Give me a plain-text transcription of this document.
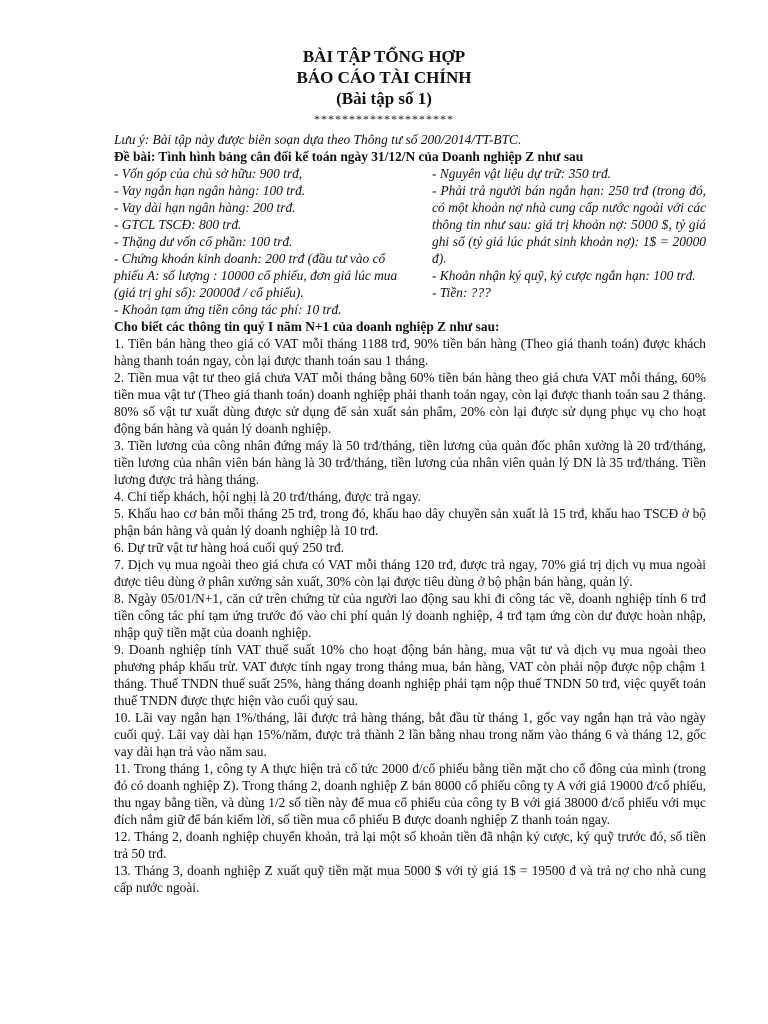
BÀI TẬP TỔNG HỢP
BÁO CÁO TÀI CHÍNH
(Bài tập số 1)
********************
Lưu ý: Bài tập này được biên soạn dựa theo Thông tư số 200/2014/TT-BTC.
Đề bài: Tình hình bảng cân đối kế toán ngày 31/12/N của Doanh nghiệp Z như sau

- Vốn góp của chủ sở hữu: 900 trđ,

- Vay ngắn hạn ngân hàng: 100 trđ.

- Vay dài hạn ngân hàng: 200 trđ.

- GTCL TSCĐ: 800 trđ.

- Thặng dư vốn cổ phần: 100 trđ.

- Chứng khoán kinh doanh: 200 trđ (đầu tư vào cổ phiếu A: số lượng : 10000 cổ phiếu, đơn giá lúc mua (giá trị ghi sổ): 20000đ / cổ phiếu).

- Nguyên vật liệu dự trữ: 350 trđ.

- Phải trả người bán ngắn hạn: 250 trđ (trong đó, có một khoản nợ nhà cung cấp nước ngoài với các thông tin như sau: giá trị khoản nợ: 5000 $, tỷ giá ghi sổ (tỷ giá lúc phát sinh khoản nợ): 1$ = 20000 đ).

- Khoản nhận ký quỹ, ký cược ngắn hạn: 100 trđ.

- Tiền: ???

- Khoản tạm ứng tiền công tác phí: 10 trđ.
Cho biết các thông tin quý I năm N+1 của doanh nghiệp Z như sau:

1. Tiền bán hàng theo giá có VAT mỗi tháng 1188 trđ, 90% tiền bán hàng (Theo giá thanh toán) được khách hàng thanh toán ngay, còn lại được thanh toán sau 1 tháng.

2. Tiền mua vật tư theo giá chưa VAT mỗi tháng bằng 60% tiền bán hàng theo giá chưa VAT mỗi tháng, 60% tiền mua vật tư (Theo giá thanh toán) doanh nghiệp phải thanh toán ngay, còn lại được thanh toán sau 2 tháng. 80% số vật tư xuất dùng được sử dụng để sản xuất sản phẩm, 20% còn lại được sử dụng phục vụ cho hoạt động bán hàng và quản lý doanh nghiệp.

3. Tiền lương của công nhân đứng máy là 50 trđ/tháng, tiền lương của quản đốc phân xưởng là 20 trđ/tháng, tiền lương của nhân viên bán hàng là 30 trđ/tháng, tiền lương của nhân viên quản lý DN là 35 trđ/tháng. Tiền lương được trả hàng tháng.

4. Chi tiếp khách, hội nghị là 20 trđ/tháng, được trả ngay.

5. Khấu hao cơ bản mỗi tháng 25 trđ, trong đó, khấu hao dây chuyền sản xuất là 15 trđ, khấu hao TSCĐ ở bộ phận bán hàng và quản lý doanh nghiệp là 10 trđ.

6. Dự trữ vật tư hàng hoá cuối quý 250 trđ.

7. Dịch vụ mua ngoài theo giá chưa có VAT mỗi tháng 120 trđ, được trả ngay, 70% giá trị dịch vụ mua ngoài được tiêu dùng ở phân xưởng sản xuất, 30% còn lại được tiêu dùng ở bộ phận bán hàng, quản lý.

8. Ngày 05/01/N+1, căn cứ trên chứng từ của người lao động sau khi đi công tác về, doanh nghiệp tính 6 trđ tiền công tác phí tạm ứng trước đó vào chi phí quản lý doanh nghiệp, 4 trđ tạm ứng còn dư được hoàn nhập, nhập quỹ tiền mặt của doanh nghiệp.

9. Doanh nghiệp tính VAT thuế suất 10% cho hoạt động bán hàng, mua vật tư và dịch vụ mua ngoài theo phương pháp khấu trừ. VAT được tính ngay trong tháng mua, bán hàng, VAT còn phải nộp được nộp chậm 1 tháng. Thuế TNDN thuế suất 25%, hàng tháng doanh nghiệp phải tạm nộp thuế TNDN 50 trđ, việc quyết toán thuế TNDN được thực hiện vào cuối quý sau.

10. Lãi vay ngắn hạn 1%/tháng, lãi được trả hàng tháng, bắt đầu từ tháng 1, gốc vay ngắn hạn trả vào ngày cuối quý. Lãi vay dài hạn 15%/năm, được trả thành 2 lần bằng nhau trong năm vào tháng 6 và tháng 12, gốc vay dài hạn trả vào năm sau.

11. Trong tháng 1, công ty A thực hiện trả cổ tức 2000 đ/cổ phiếu bằng tiền mặt cho cổ đông của mình (trong đó có doanh nghiệp Z). Trong tháng 2, doanh nghiệp Z bán 8000 cổ phiếu công ty A với giá 19000 đ/cổ phiếu, thu ngay bằng tiền, và dùng 1/2 số tiền này để mua cổ phiếu của công ty B với giá 38000 đ/cổ phiếu với mục đích nắm giữ để bán kiếm lời, số tiền mua cổ phiếu B được doanh nghiệp Z thanh toán ngay.

12. Tháng 2, doanh nghiệp chuyển khoản, trả lại một số khoản tiền đã nhận ký cược, ký quỹ trước đó, số tiền trả 50 trđ.

13. Tháng 3, doanh nghiệp Z xuất quỹ tiền mặt mua 5000 $ với tỷ giá 1$ = 19500 đ và trả nợ cho nhà cung cấp nước ngoài.
